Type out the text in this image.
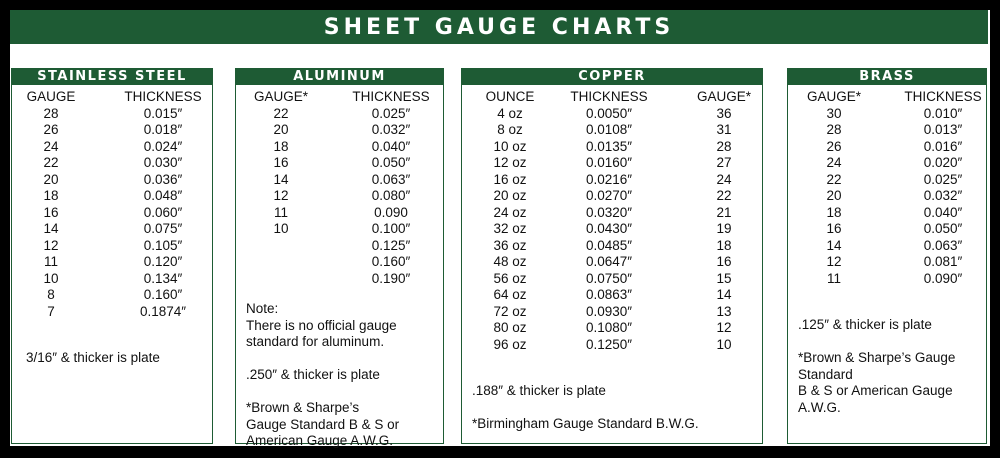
SHEET GAUGE CHARTS
STAINLESS STEEL
GAUGE
28
26
24
22
20
18
16
14
12
11
10
8
7
THICKNESS
0.015″
0.018″
0.024″
0.030″
0.036″
0.048″
0.060″
0.075″
0.105″
0.120″
0.134″
0.160″
0.1874″
3/16″ & thicker is plate
ALUMINUM
GAUGE*
22
20
18
16
14
12
11
10
THICKNESS
0.025″
0.032″
0.040″
0.050″
0.063″
0.080″
0.090
0.100″
0.125″
0.160″
0.190″
Note:
There is no official gauge
standard for aluminum.
.250″ & thicker is plate
*Brown & Sharpe’s
Gauge Standard B & S or
American Gauge A.W.G.
COPPER
OUNCE
4 oz
8 oz
10 oz
12 oz
16 oz
20 oz
24 oz
32 oz
36 oz
48 oz
56 oz
64 oz
72 oz
80 oz
96 oz
THICKNESS
0.0050″
0.0108″
0.0135″
0.0160″
0.0216″
0.0270″
0.0320″
0.0430″
0.0485″
0.0647″
0.0750″
0.0863″
0.0930″
0.1080″
0.1250″
GAUGE*
36
31
28
27
24
22
21
19
18
16
15
14
13
12
10
.188″ & thicker is plate
*Birmingham Gauge Standard B.W.G.
BRASS
GAUGE*
30
28
26
24
22
20
18
16
14
12
11
THICKNESS
0.010″
0.013″
0.016″
0.020″
0.025″
0.032″
0.040″
0.050″
0.063″
0.081″
0.090″
.125″ & thicker is plate
*Brown & Sharpe’s Gauge
Standard
B & S or American Gauge
A.W.G.
